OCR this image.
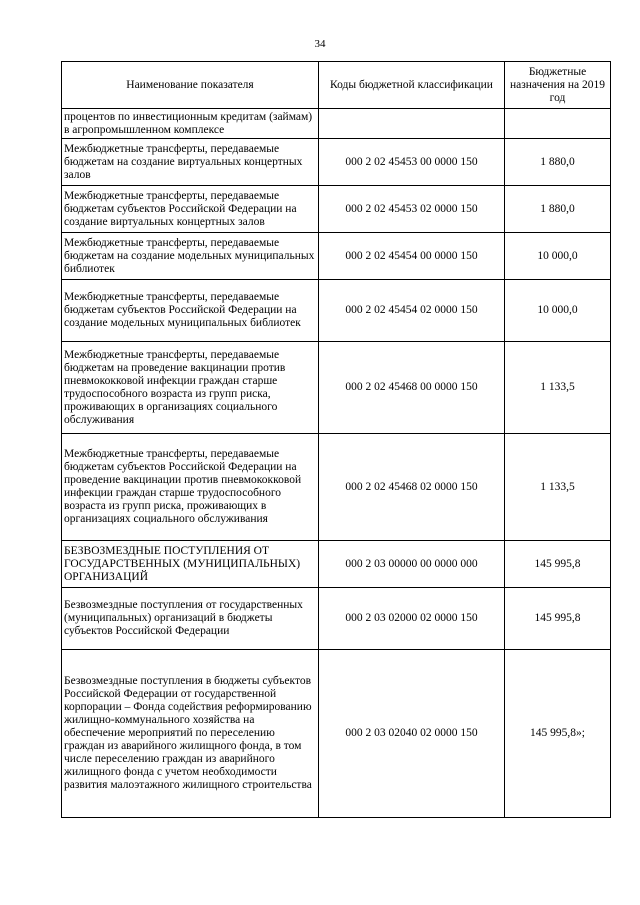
34
Наименование показателя	Коды бюджетной классификации	Бюджетные назначения на 2019 год
процентов по инвестиционным кредитам (займам) в агропромышленном комплексе		
Межбюджетные трансферты, передаваемые бюджетам на создание виртуальных концертных залов	000 2 02 45453 00 0000 150	1 880,0
Межбюджетные трансферты, передаваемые бюджетам субъектов Российской Федерации на создание виртуальных концертных залов	000 2 02 45453 02 0000 150	1 880,0
Межбюджетные трансферты, передаваемые бюджетам на создание модельных муниципальных библиотек	000 2 02 45454 00 0000 150	10 000,0
Межбюджетные трансферты, передаваемые бюджетам субъектов Российской Федерации на создание модельных муниципальных библиотек	000 2 02 45454 02 0000 150	10 000,0
Межбюджетные трансферты, передаваемые бюджетам на проведение вакцинации против пневмококковой инфекции граждан старше трудоспособного возраста из групп риска, проживающих в организациях социального обслуживания	000 2 02 45468 00 0000 150	1 133,5
Межбюджетные трансферты, передаваемые бюджетам субъектов Российской Федерации на проведение вакцинации против пневмококковой инфекции граждан старше трудоспособного возраста из групп риска, проживающих в организациях социального обслуживания	000 2 02 45468 02 0000 150	1 133,5
БЕЗВОЗМЕЗДНЫЕ ПОСТУПЛЕНИЯ ОТ ГОСУДАРСТВЕННЫХ (МУНИЦИПАЛЬНЫХ) ОРГАНИЗАЦИЙ	000 2 03 00000 00 0000 000	145 995,8
Безвозмездные поступления от государственных (муниципальных) организаций в бюджеты субъектов Российской Федерации	000 2 03 02000 02 0000 150	145 995,8
Безвозмездные поступления в бюджеты субъектов Российской Федерации от государственной корпорации – Фонда содействия реформированию жилищно-коммунального хозяйства на обеспечение мероприятий по переселению граждан из аварийного жилищного фонда, в том числе переселению граждан из аварийного жилищного фонда с учетом необходимости развития малоэтажного жилищного строительства	000 2 03 02040 02 0000 150	145 995,8»;
